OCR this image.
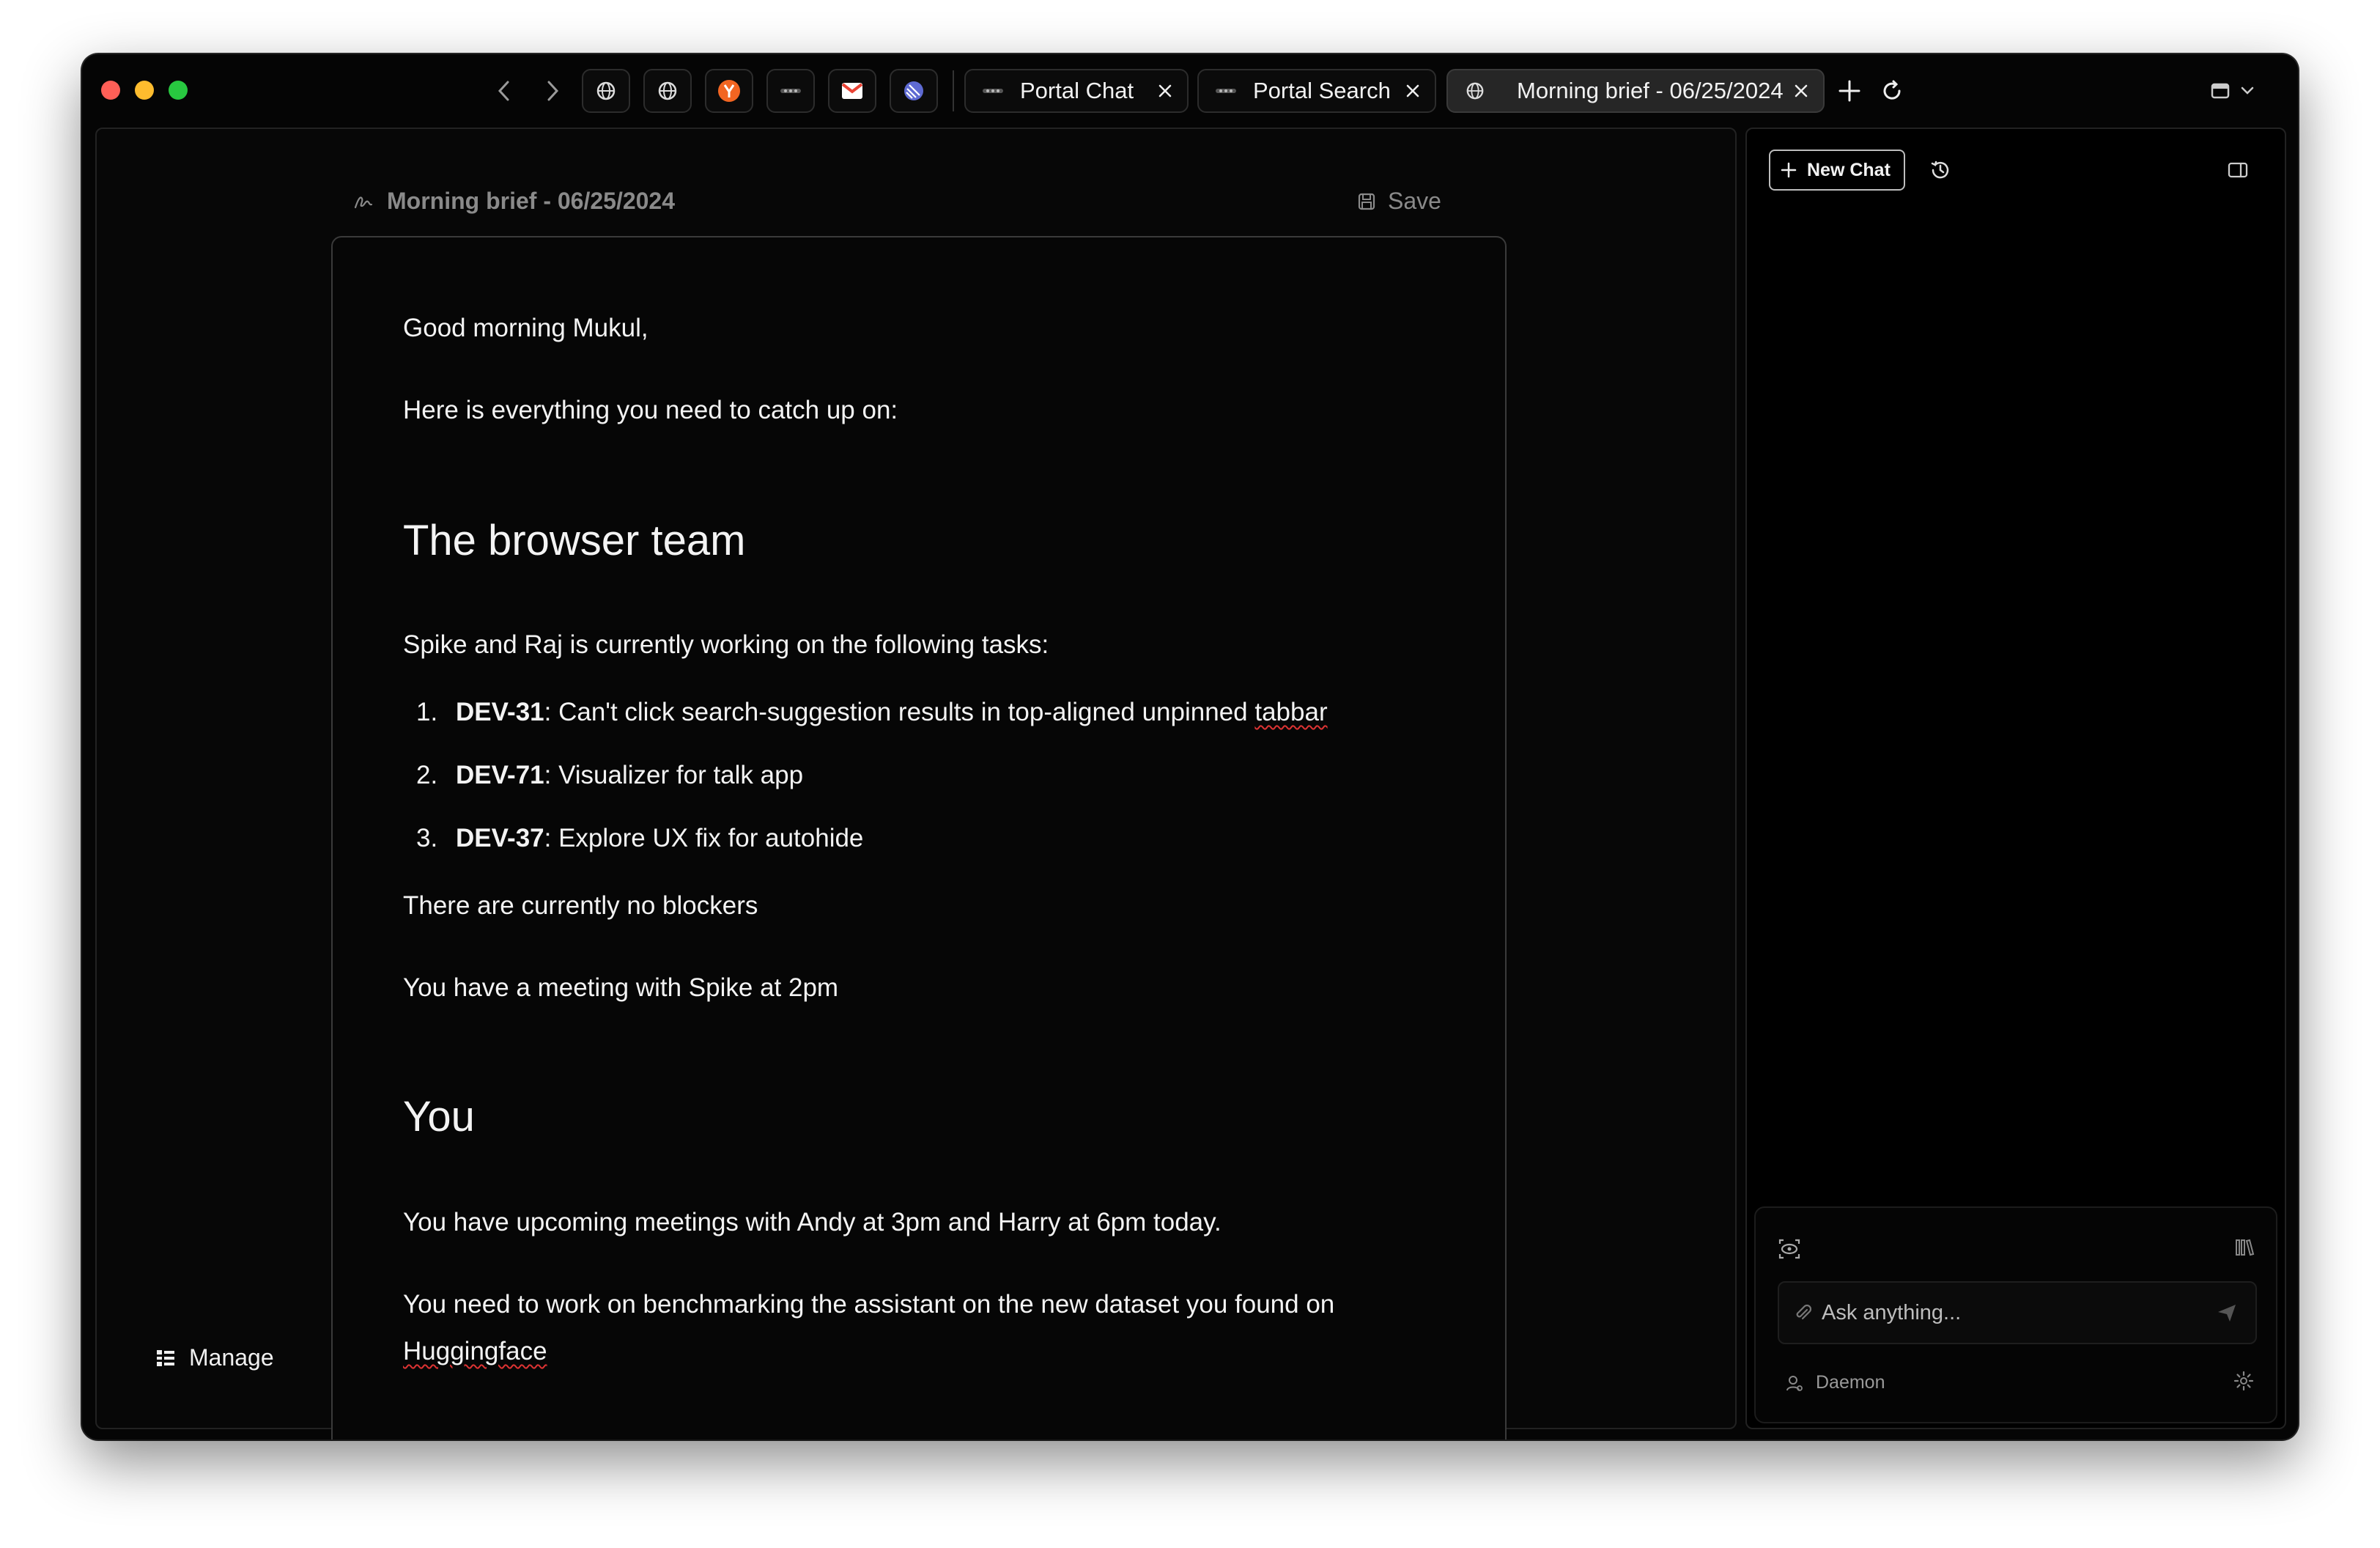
Portal Chat	Portal Search	Morning brief - 06/25/2024
Morning brief - 06/25/2024	Save
Good morning Mukul,
Here is everything you need to catch up on:
The browser team
Spike and Raj is currently working on the following tasks:
1. DEV-31: Can't click search-suggestion results in top-aligned unpinned tabbar
2. DEV-71: Visualizer for talk app
3. DEV-37: Explore UX fix for autohide
There are currently no blockers
You have a meeting with Spike at 2pm
You
You have upcoming meetings with Andy at 3pm and Harry at 6pm today.
You need to work on benchmarking the assistant on the new dataset you found on
Huggingface
Manage
New Chat
Ask anything...
Daemon
